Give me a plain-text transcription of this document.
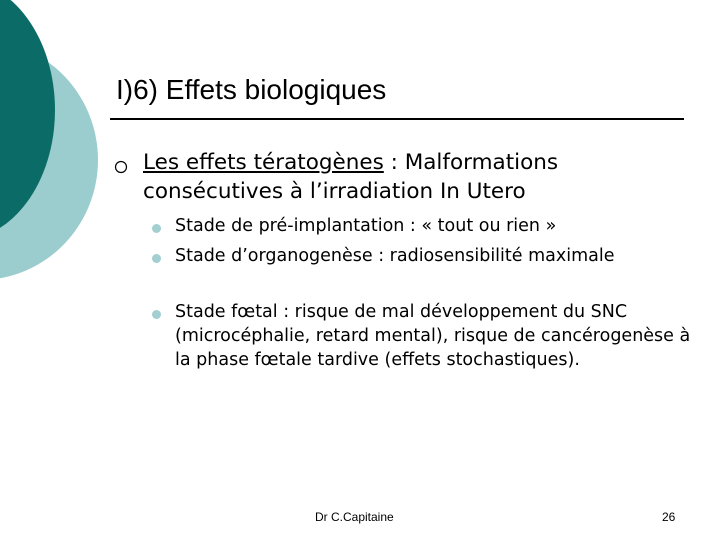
I)6) Effets biologiques
Les effets tératogènes : Malformations consécutives à l’irradiation In Utero
Stade de pré-implantation : « tout ou rien »
Stade d’organogenèse : radiosensibilité maximale
Stade fœtal : risque de mal développement du SNC (microcéphalie, retard mental), risque de cancérogenèse à la phase fœtale tardive (effets stochastiques).
Dr C.Capitaine	26
